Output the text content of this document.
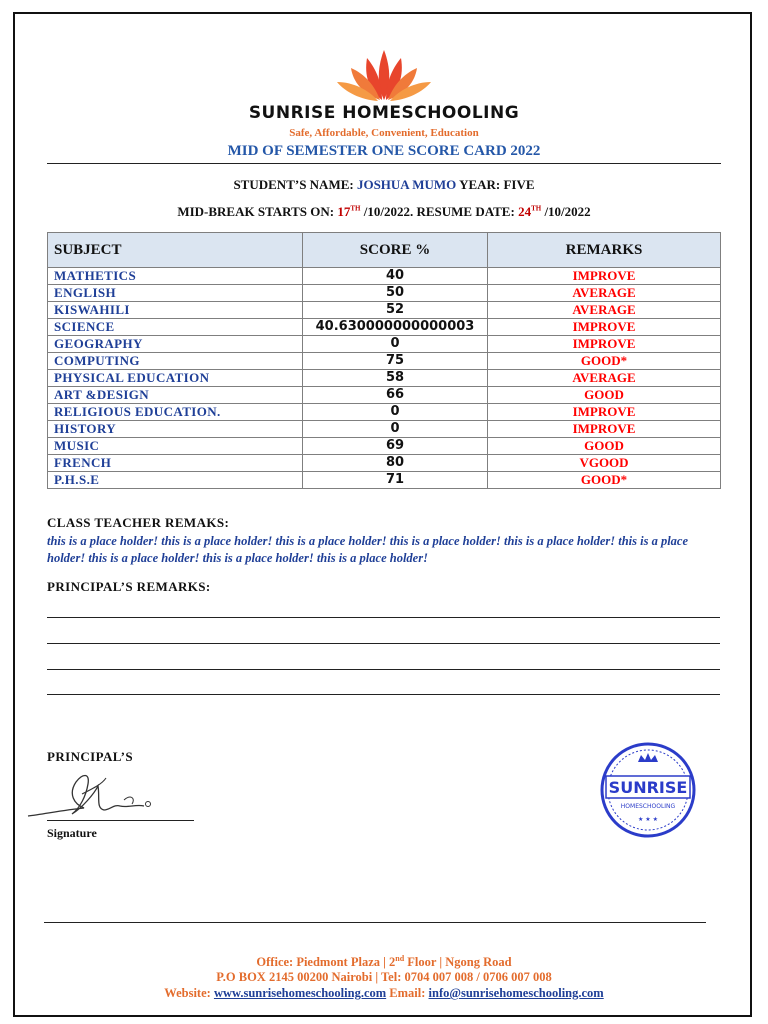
SUNRISE HOMESCHOOLING
Safe, Affordable, Convenient, Education
MID OF SEMESTER ONE SCORE CARD 2022
STUDENT’S NAME: JOSHUA MUMO YEAR: FIVE
MID-BREAK STARTS ON: 17TH /10/2022. RESUME DATE: 24TH /10/2022
SUBJECT	SCORE %	REMARKS
MATHETICS	40	IMPROVE
ENGLISH	50	AVERAGE
KISWAHILI	52	AVERAGE
SCIENCE	40.630000000000003	IMPROVE
GEOGRAPHY	0	IMPROVE
COMPUTING	75	GOOD*
PHYSICAL EDUCATION	58	AVERAGE
ART &DESIGN	66	GOOD
RELIGIOUS EDUCATION.	0	IMPROVE
HISTORY	0	IMPROVE
MUSIC	69	GOOD
FRENCH	80	VGOOD
P.H.S.E	71	GOOD*
CLASS TEACHER REMAKS:
this is a place holder! this is a place holder! this is a place holder! this is a place holder! this is a place holder! this is a place holder! this is a place holder! this is a place holder! this is a place holder!
PRINCIPAL’S REMARKS:
PRINCIPAL’S
Signature
SUNRISE
HOMESCHOOLING
★ ★ ★
Office: Piedmont Plaza | 2nd Floor | Ngong Road
P.O BOX 2145 00200 Nairobi | Tel: 0704 007 008 / 0706 007 008
Website: www.sunrisehomeschooling.com Email: info@sunrisehomeschooling.com
